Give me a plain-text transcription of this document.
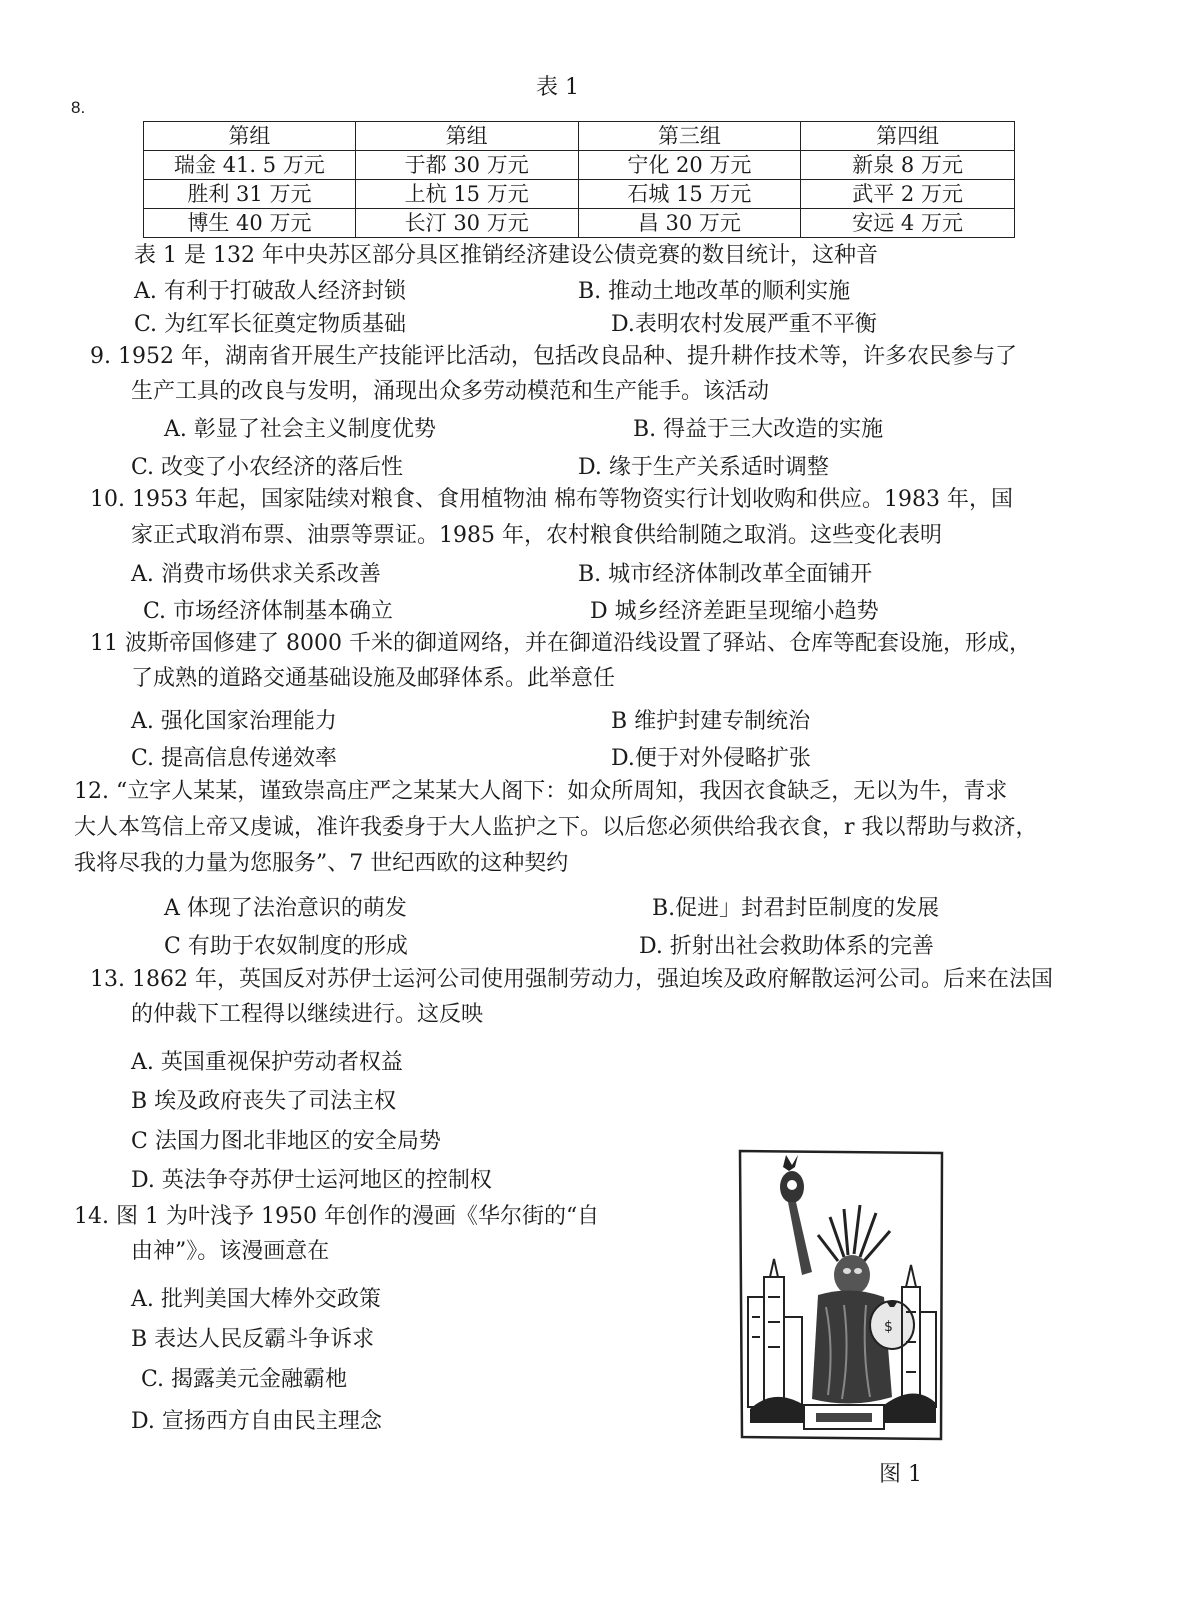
表 1
8.
第组	第组	第三组	第四组
瑞金 41. 5 万元	于都 30 万元	宁化 20 万元	新泉 8 万元
胜利 31 万元	上杭 15 万元	石城 15 万元	武平 2 万元
博生 40 万元	长汀 30 万元	昌 30 万元	安远 4 万元
表 1 是 132 年中央苏区部分具区推销经济建设公债竞赛的数目统计，这种音
A. 有利于打破敌人经济封锁	B. 推动土地改革的顺利实施
C. 为红军长征奠定物质基础	D.表明农村发展严重不平衡
9. 1952 年，湖南省开展生产技能评比活动，包括改良品种、提升耕作技术等，许多农民参与了
生产工具的改良与发明，涌现出众多劳动模范和生产能手。该活动
A. 彰显了社会主义制度优势	B. 得益于三大改造的实施
C. 改变了小农经济的落后性	D. 缘于生产关系适时调整
10. 1953 年起，国家陆续对粮食、食用植物油 棉布等物资实行计划收购和供应。1983 年，国
家正式取消布票、油票等票证。1985 年，农村粮食供给制随之取消。这些变化表明
A. 消费市场供求关系改善	B. 城市经济体制改革全面铺开
C. 市场经济体制基本确立	D 城乡经济差距呈现缩小趋势
11 波斯帝国修建了 8000 千米的御道网络，并在御道沿线设置了驿站、仓库等配套设施，形成，
了成熟的道路交通基础设施及邮驿体系。此举意任
A. 强化国家治理能力	B 维护封建专制统治
C. 提高信息传递效率	D.便于对外侵略扩张
12. “立字人某某，谨致崇高庄严之某某大人阁下：如众所周知，我因衣食缺乏，无以为牛，青求
大人本笃信上帝又虔诚，准许我委身于大人监护之下。以后您必须供给我衣食，r 我以帮助与救济，
我将尽我的力量为您服务”、7 世纪西欧的这种契约
A 体现了法治意识的萌发	B.促进」封君封臣制度的发展
C 有助于农奴制度的形成	D. 折射出社会救助体系的完善
13. 1862 年，英国反对苏伊士运河公司使用强制劳动力，强迫埃及政府解散运河公司。后来在法国
的仲裁下工程得以继续进行。这反映
A. 英国重视保护劳动者权益
B 埃及政府丧失了司法主权
C 法国力图北非地区的安全局势
D. 英法争夺苏伊士运河地区的控制权
14. 图 1 为叶浅予 1950 年创作的漫画《华尔街的“自
由神”》。该漫画意在
A. 批判美国大棒外交政策
B 表达人民反霸斗争诉求
C. 揭露美元金融霸杝
D. 宣扬西方自由民主理念
$
图 1
